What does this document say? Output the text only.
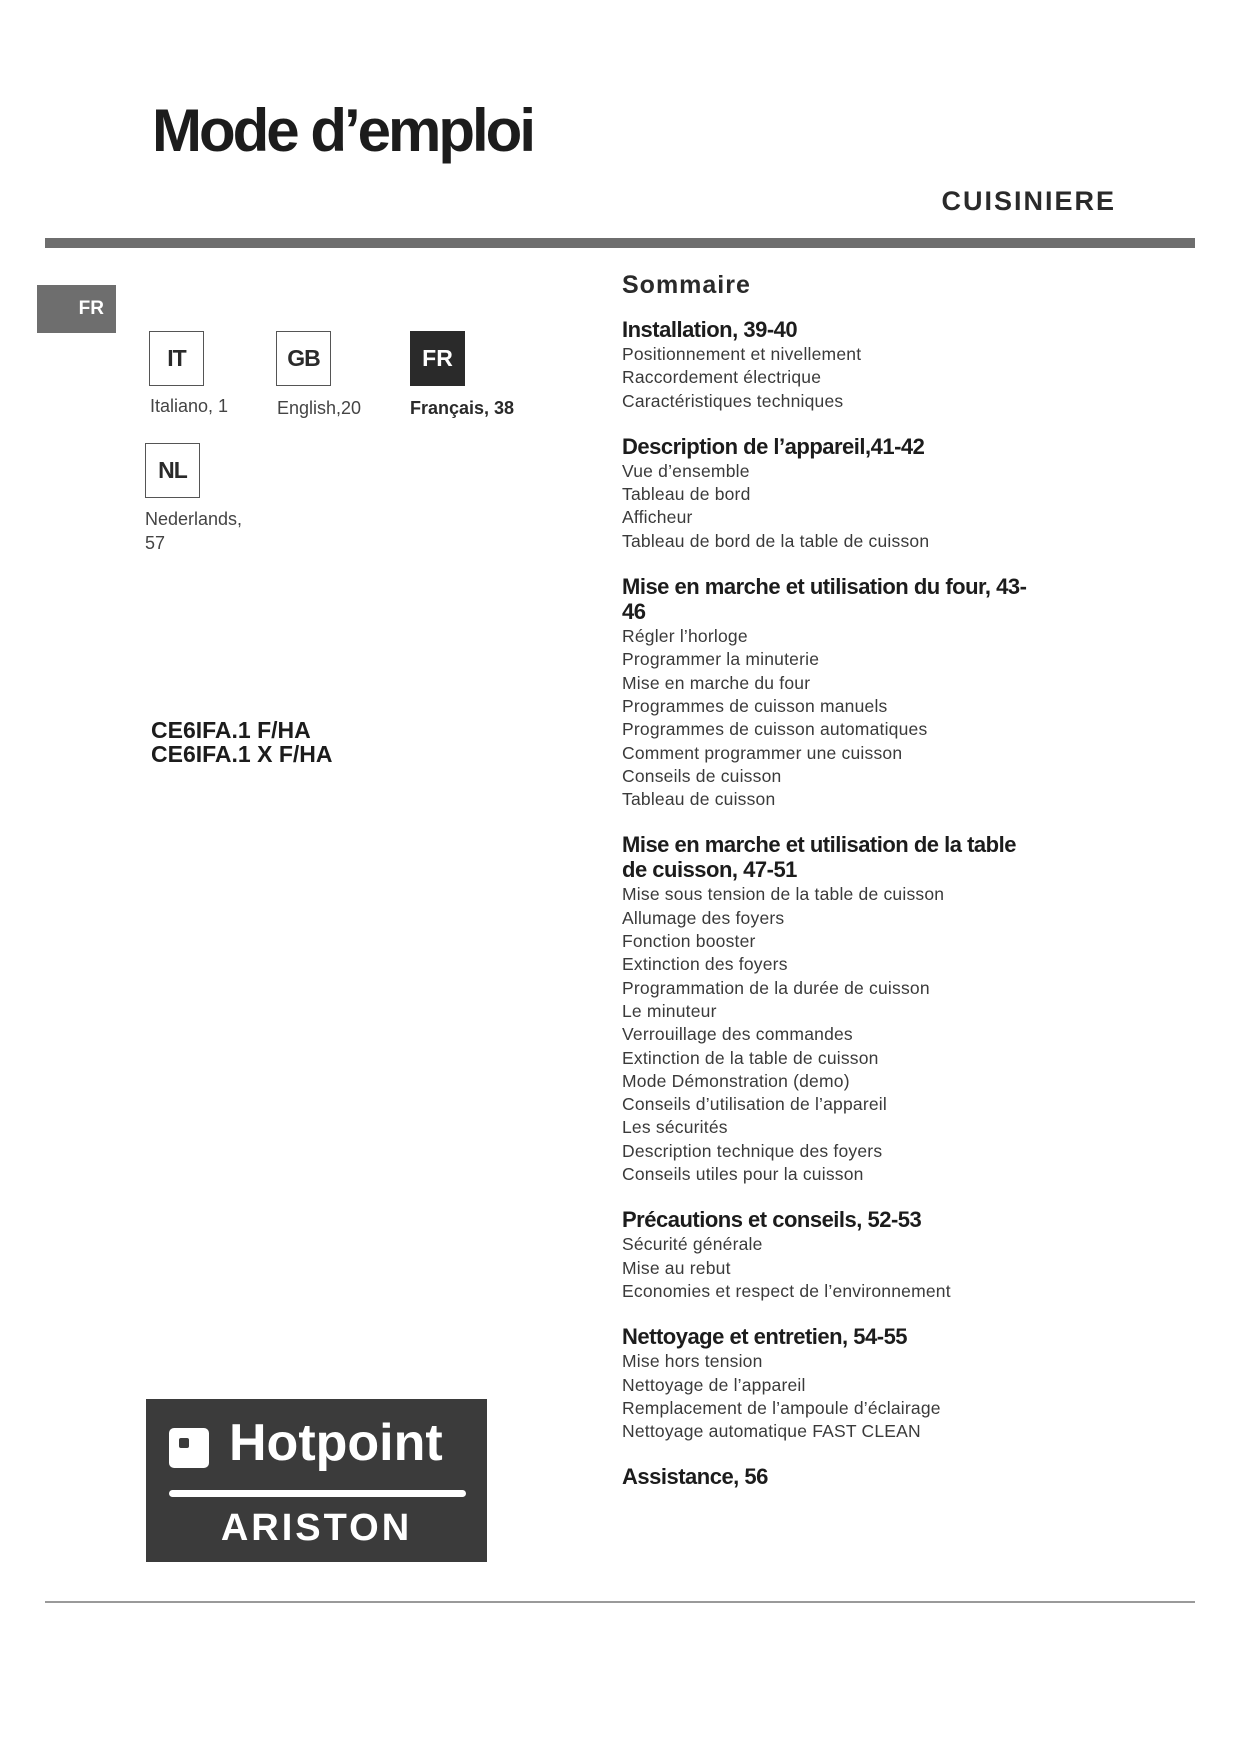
Mode d’emploi
CUISINIERE
FR
IT
Italiano, 1
GB
English,20
FR
Français, 38
NL
Nederlands,
57
CE6IFA.1 F/HA
CE6IFA.1 X F/HA
Hotpoint
ARISTON
Sommaire
Installation, 39-40
Positionnement et nivellement
Raccordement électrique
Caractéristiques techniques
Description de l’appareil,41-42
Vue d’ensemble
Tableau de bord
Afficheur
Tableau de bord de la table de cuisson
Mise en marche et utilisation du four, 43-
46
Régler l’horloge
Programmer la minuterie
Mise en marche du four
Programmes de cuisson manuels
Programmes de cuisson automatiques
Comment programmer une cuisson
Conseils de cuisson
Tableau de cuisson
Mise en marche et utilisation de la table
de cuisson, 47-51
Mise sous tension de la table de cuisson
Allumage des foyers
Fonction booster
Extinction des foyers
Programmation de la durée de cuisson
Le minuteur
Verrouillage des commandes
Extinction de la table de cuisson
Mode Démonstration (demo)
Conseils d’utilisation de l’appareil
Les sécurités
Description technique des foyers
Conseils utiles pour la cuisson
Précautions et conseils, 52-53
Sécurité générale
Mise au rebut
Economies et respect de l’environnement
Nettoyage et entretien, 54-55
Mise hors tension
Nettoyage de l’appareil
Remplacement de l’ampoule d’éclairage
Nettoyage automatique FAST CLEAN
Assistance, 56
